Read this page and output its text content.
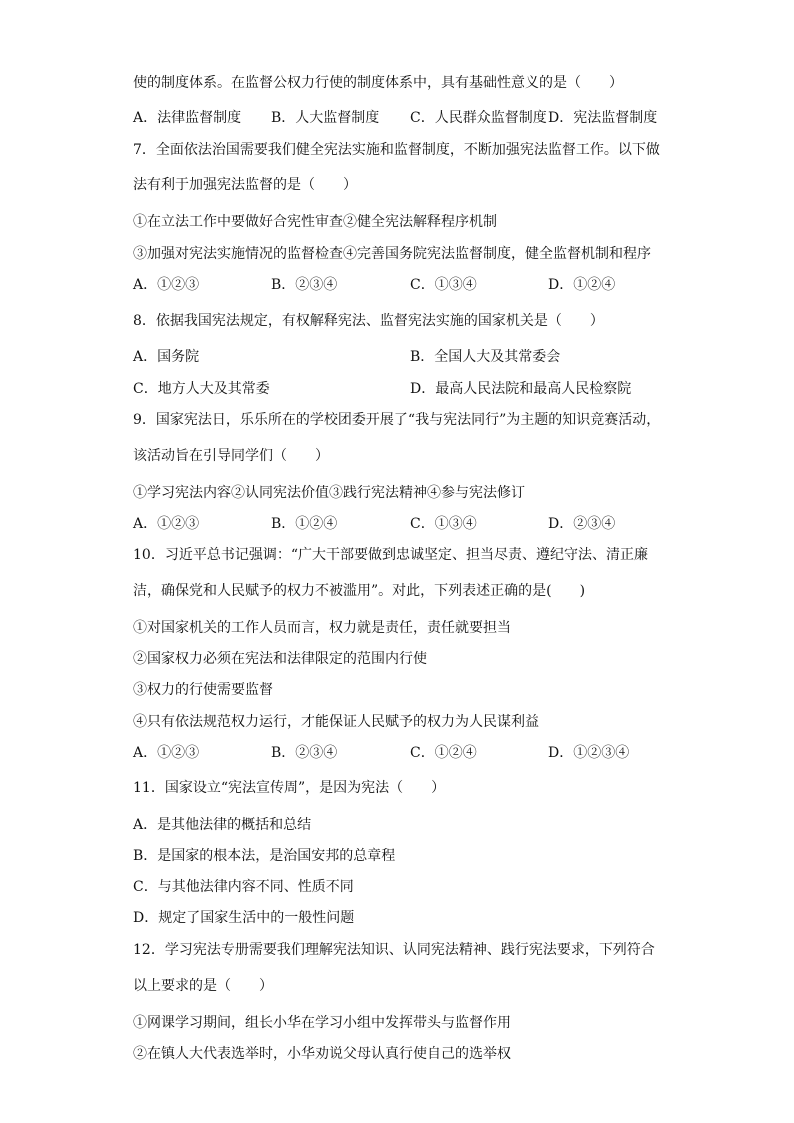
使的制度体系。在监督公权力行使的制度体系中，具有基础性意义的是（　　）
A．法律监督制度 B．人大监督制度 C．人民群众监督制度 D．宪法监督制度
7．全面依法治国需要我们健全宪法实施和监督制度，不断加强宪法监督工作。以下做
法有利于加强宪法监督的是（　　）
①在立法工作中要做好合宪性审查②健全宪法解释程序机制
③加强对宪法实施情况的监督检查④完善国务院宪法监督制度，健全监督机制和程序
A．①②③	B．②③④	C．①③④	D．①②④
8．依据我国宪法规定，有权解释宪法、监督宪法实施的国家机关是（　　）
A．国务院	B．全国人大及其常委会
C．地方人大及其常委	D．最高人民法院和最高人民检察院
9．国家宪法日，乐乐所在的学校团委开展了“我与宪法同行”为主题的知识竞赛活动，
该活动旨在引导同学们（　　）
①学习宪法内容②认同宪法价值③践行宪法精神④参与宪法修订
A．①②③	B．①②④	C．①③④	D．②③④
10．习近平总书记强调：“广大干部要做到忠诚坚定、担当尽责、遵纪守法、清正廉
洁，确保党和人民赋予的权力不被滥用”。对此，下列表述正确的是(　　)
①对国家机关的工作人员而言，权力就是责任，责任就要担当
②国家权力必须在宪法和法律限定的范围内行使
③权力的行使需要监督
④只有依法规范权力运行，才能保证人民赋予的权力为人民谋利益
A．①②③	B．②③④	C．①②④	D．①②③④
11．国家设立“宪法宣传周”，是因为宪法（　　）
A．是其他法律的概括和总结
B．是国家的根本法，是治国安邦的总章程
C．与其他法律内容不同、性质不同
D．规定了国家生活中的一般性问题
12．学习宪法专册需要我们理解宪法知识、认同宪法精神、践行宪法要求，下列符合
以上要求的是（　　）
①网课学习期间，组长小华在学习小组中发挥带头与监督作用
②在镇人大代表选举时，小华劝说父母认真行使自己的选举权
